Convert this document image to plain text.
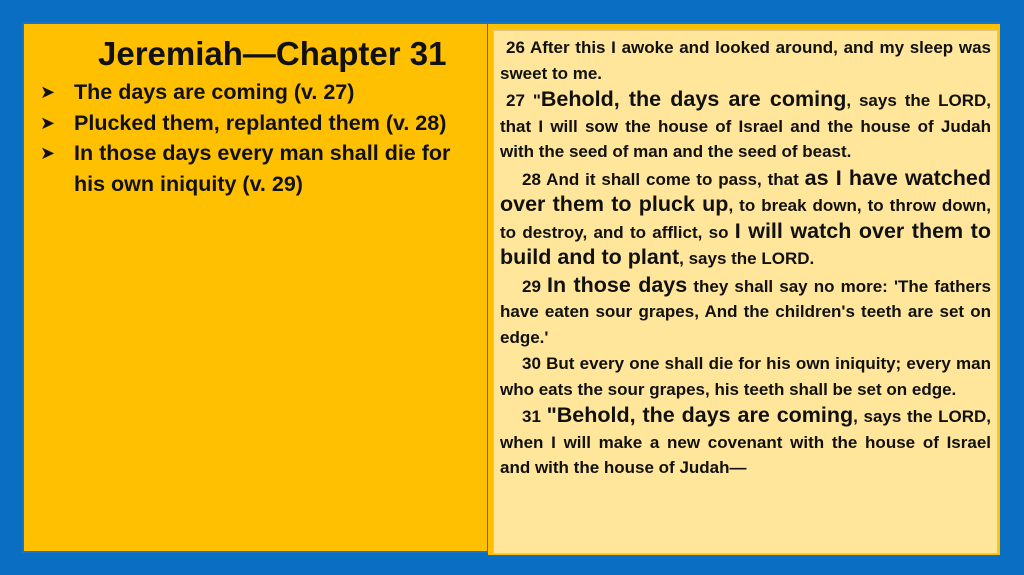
Jeremiah—Chapter 31
➤ The days are coming (v. 27)
➤ Plucked them, replanted them (v. 28)
➤ In those days every man shall die for his own iniquity (v. 29)

26 After this I awoke and looked around, and my sleep was sweet to me.

27 "Behold, the days are coming, says the LORD, that I will sow the house of Israel and the house of Judah with the seed of man and the seed of beast.

28 And it shall come to pass, that as I have watched over them to pluck up, to break down, to throw down, to destroy, and to afflict, so I will watch over them to build and to plant, says the LORD.

29 In those days they shall say no more: 'The fathers have eaten sour grapes, And the children's teeth are set on edge.'

30 But every one shall die for his own iniquity; every man who eats the sour grapes, his teeth shall be set on edge.

31 "Behold, the days are coming, says the LORD, when I will make a new covenant with the house of Israel and with the house of Judah—
